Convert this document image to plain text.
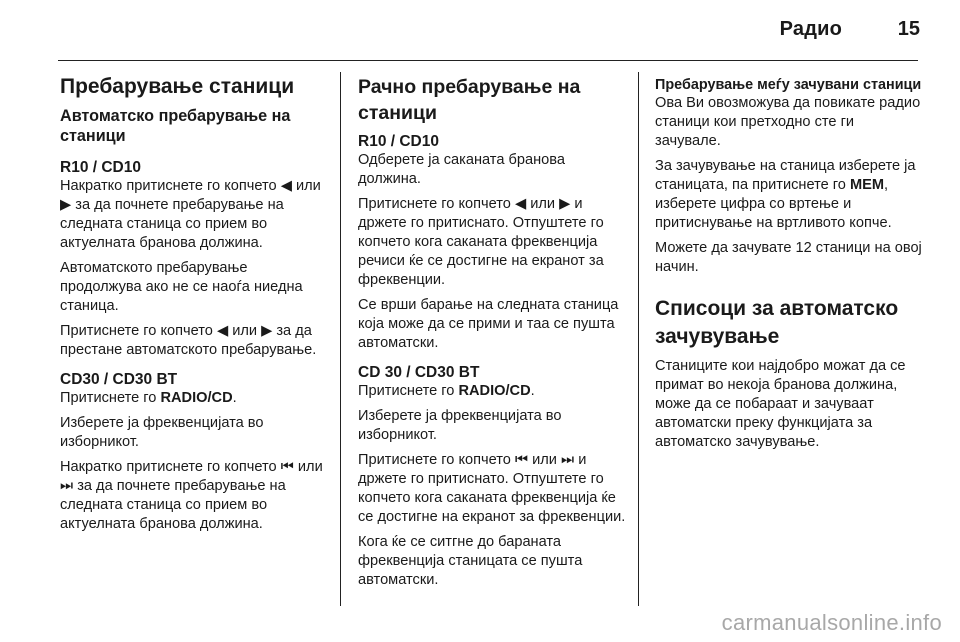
Радио	15
Пребарување станици
Автоматско пребарување на станици
R10 / CD10

Накратко притиснете го копчето ◀ или ▶ за да почнете пребарување на следната станица со прием во актуелната бранова должина.

Автоматското пребарување продолжува ако не се наоѓа ниедна станица.

Притиснете го копчето ◀ или ▶ за да престане автоматското пребарување.

CD30 / CD30 BT

Притиснете го RADIO/CD.

Изберете ја фреквенцијата во изборникот.

Накратко притиснете го копчето ⏮ или ⏭ за да почнете пребарување на следната станица со прием во актуелната бранова должина.

Рачно пребарување на станици
R10 / CD10

Одберете ја саканата бранова должина.

Притиснете го копчето ◀ или ▶ и држете го притиснато. Отпуштете го копчето кога саканата фреквенција речиси ќе се достигне на екранот за фреквенции.

Се врши барање на следната станица која може да се прими и таа се пушта автоматски.

CD 30 / CD30 BT

Притиснете го RADIO/CD.

Изберете ја фреквенцијата во изборникот.

Притиснете го копчето ⏮ или ⏭ и држете го притиснато. Отпуштете го копчето кога саканата фреквенција ќе се достигне на екранот за фреквенции.

Кога ќе се ситгне до бараната фреквенција станицата се пушта автоматски.

Пребарување меѓу зачувани станици

Ова Ви овозможува да повикате радио станици кои претходно сте ги зачувале.

За зачувување на станица изберете ја станицата, па притиснете го MEM, изберете цифра со вртење и притиснување на вртливото копче.

Можете да зачувате 12 станици на овој начин.

Списоци за автоматско зачувување

Станиците кои најдобро можат да се примат во некоја бранова должина, може да се побараат и зачуваат автоматски преку функцијата за автоматско зачувување.

carmanualsonline.info
